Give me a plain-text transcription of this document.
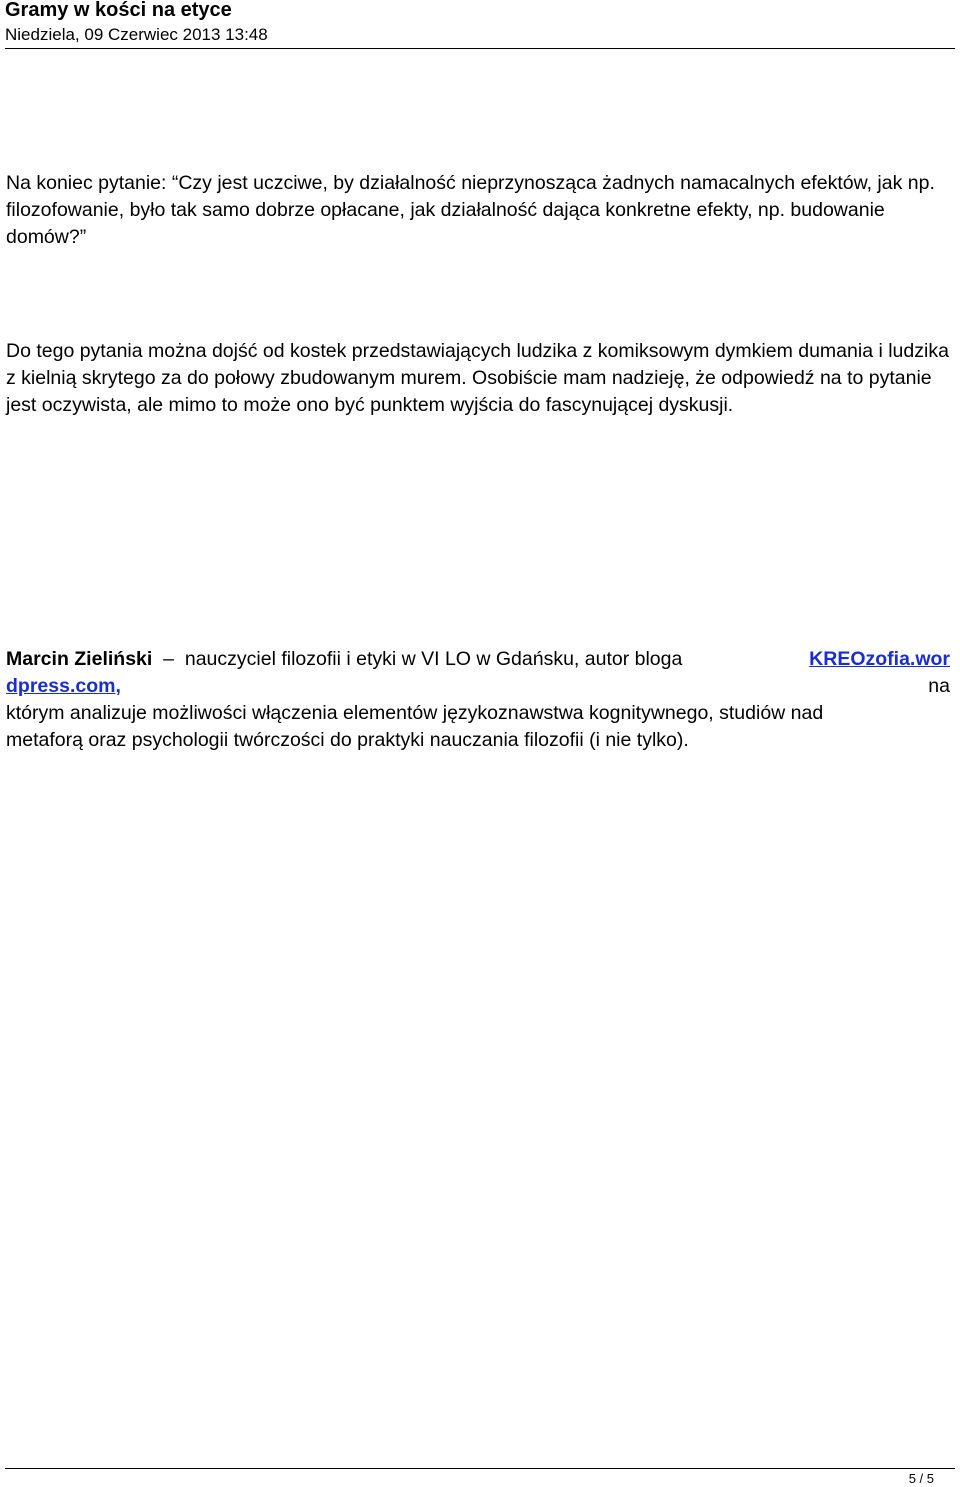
Gramy w kości na etyce
Niedziela, 09 Czerwiec 2013 13:48

Na koniec pytanie: “Czy jest uczciwe, by działalność nieprzynosząca żadnych namacalnych efektów, jak np. filozofowanie, było tak samo dobrze opłacane, jak działalność dająca konkretne efekty, np. budowanie domów?”

Do tego pytania można dojść od kostek przedstawiających ludzika z komiksowym dymkiem dumania i ludzika z kielnią skrytego za do połowy zbudowanym murem. Osobiście mam nadzieję, że odpowiedź na to pytanie jest oczywista, ale mimo to może ono być punktem wyjścia do fascynującej dyskusji.

Marcin Zieliński – nauczyciel filozofii i etyki w VI LO w Gdańsku, autor bloga	KREOzofia.wor
dpress.com,	na
którym analizuje możliwości włączenia elementów językoznawstwa kognitywnego, studiów nad
metaforą oraz psychologii twórczości do praktyki nauczania filozofii (i nie tylko).
5 / 5
